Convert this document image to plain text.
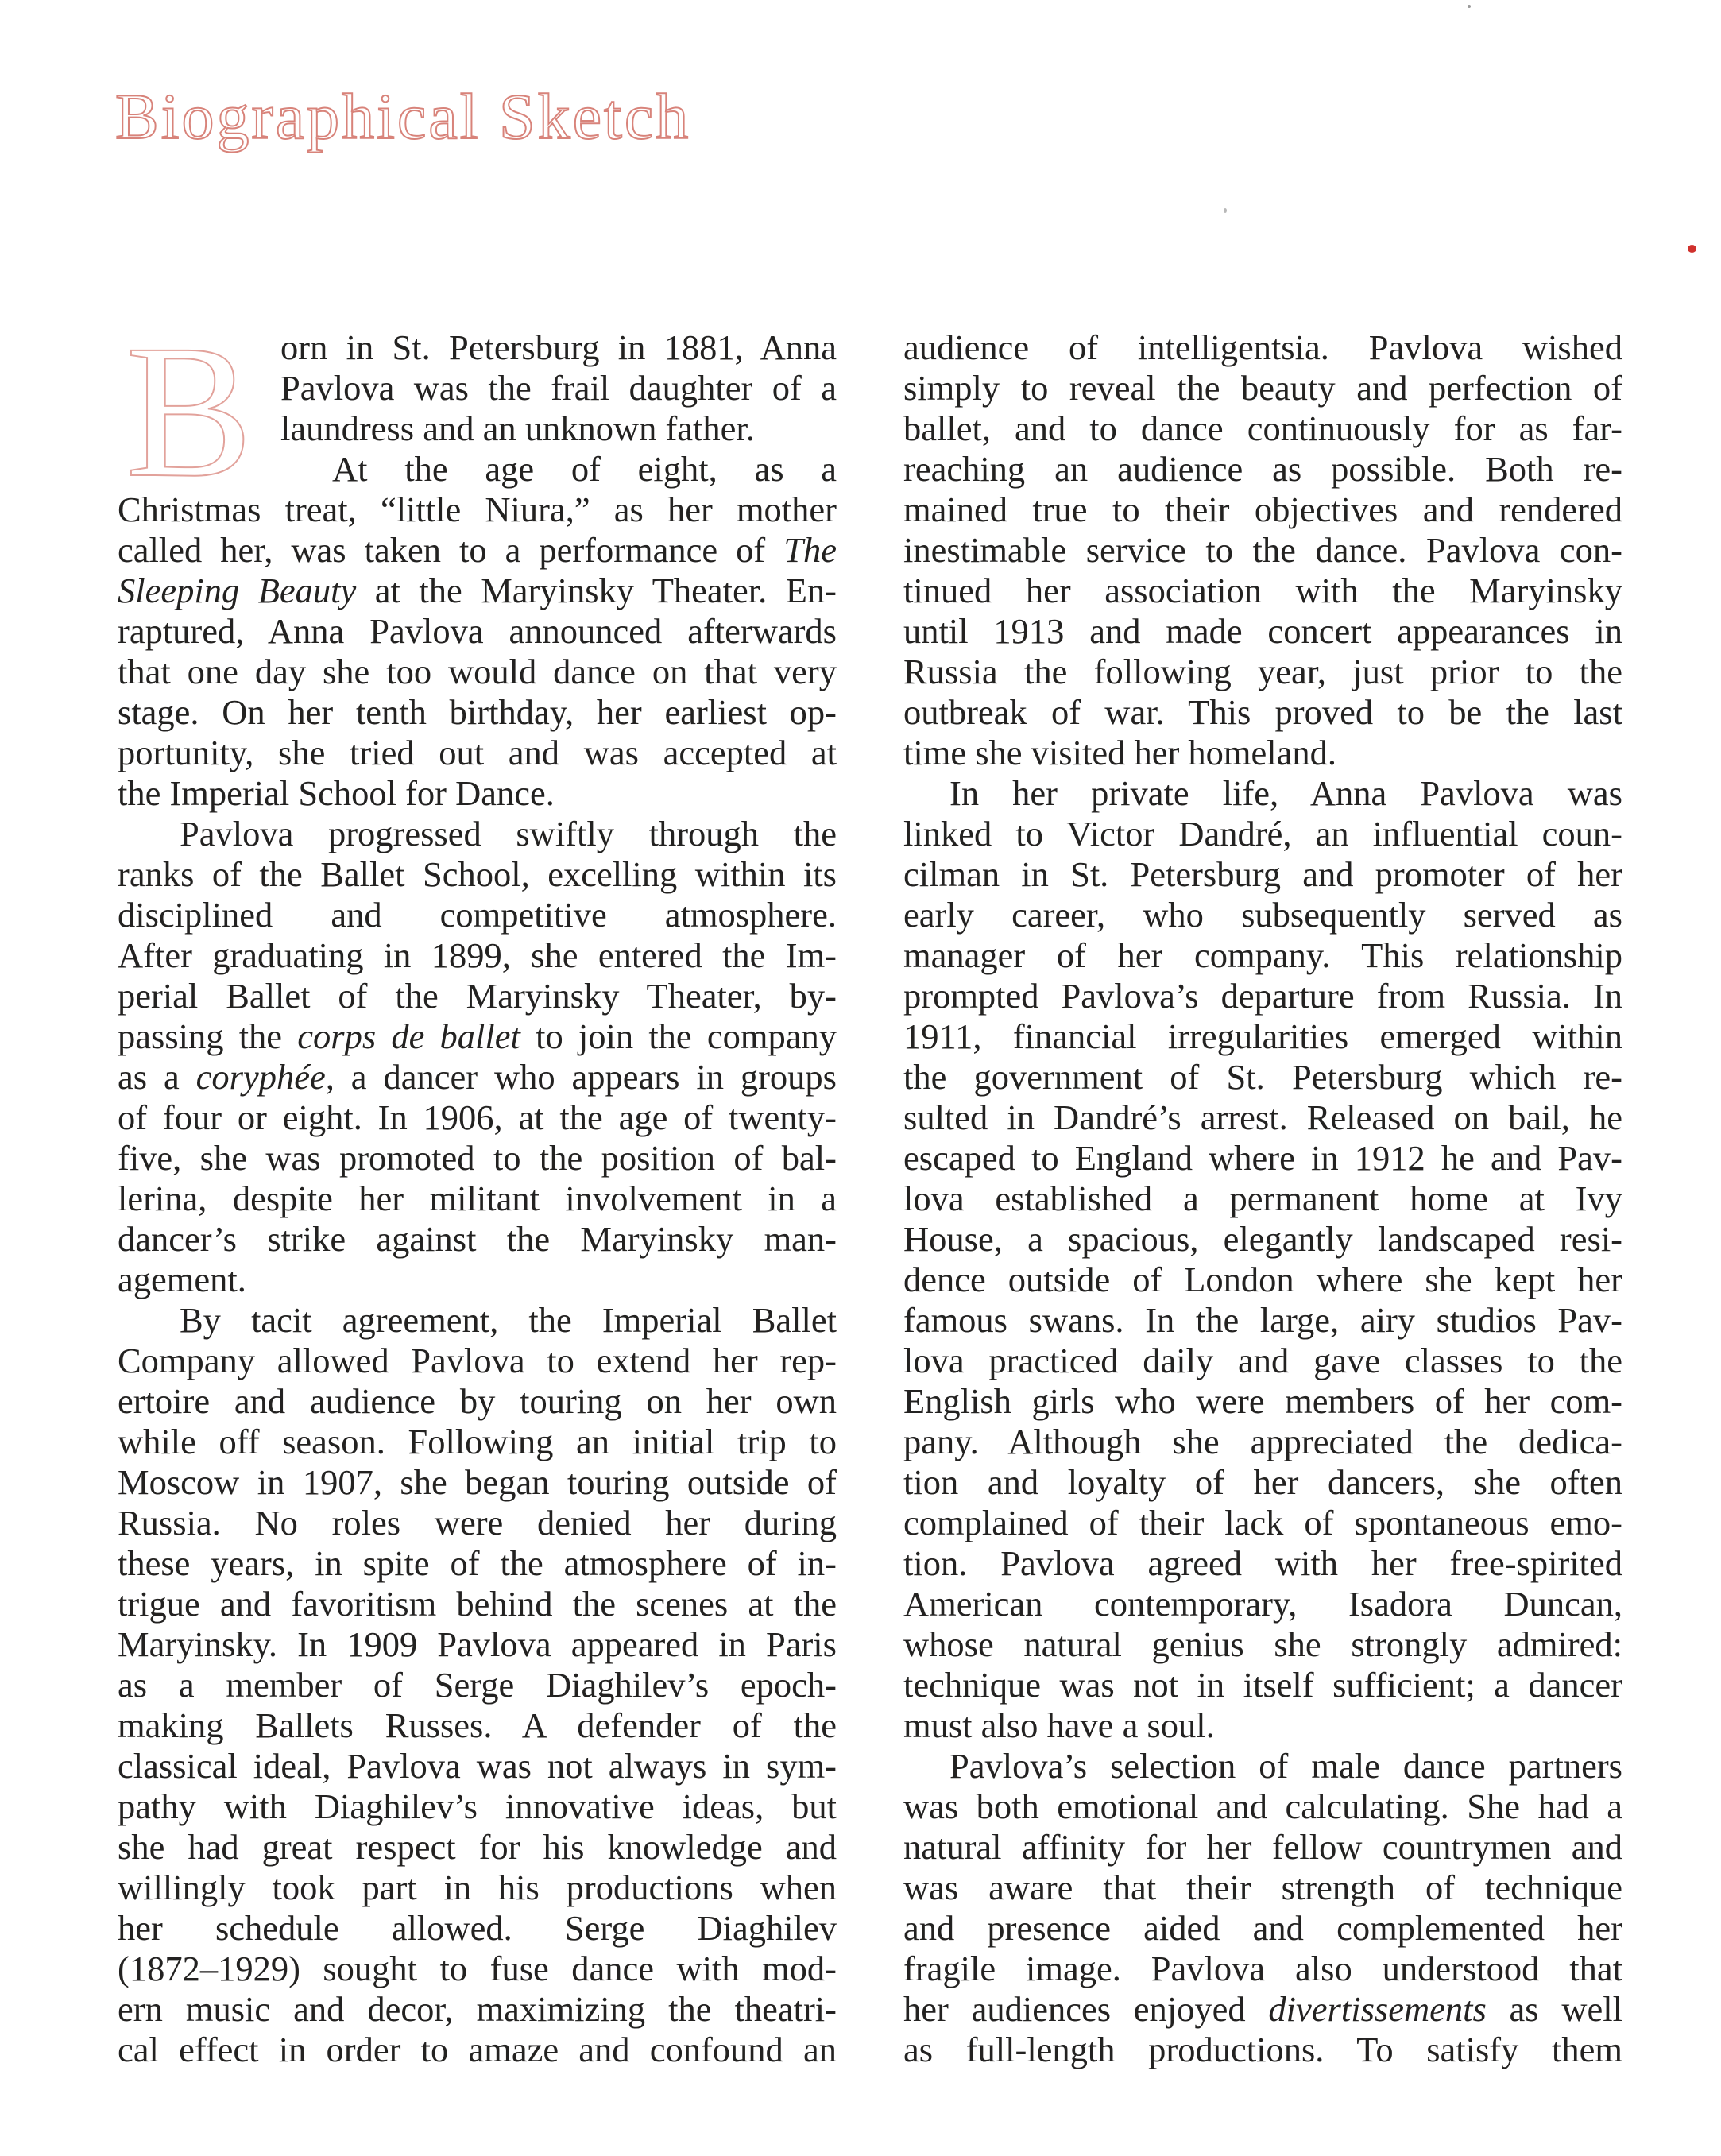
Biographical Sketch
B orn in St. Petersburg in 1881, Anna
Pavlova was the frail daughter of a
laundress and an unknown father.
At the age of eight, as a
Christmas treat, “little Niura,” as her mother
called her, was taken to a performance of The
Sleeping Beauty at the Maryinsky Theater. En-
raptured, Anna Pavlova announced afterwards
that one day she too would dance on that very
stage. On her tenth birthday, her earliest op-
portunity, she tried out and was accepted at
the Imperial School for Dance.
Pavlova progressed swiftly through the
ranks of the Ballet School, excelling within its
disciplined and competitive atmosphere.
After graduating in 1899, she entered the Im-
perial Ballet of the Maryinsky Theater, by-
passing the corps de ballet to join the company
as a coryphée, a dancer who appears in groups
of four or eight. In 1906, at the age of twenty-
five, she was promoted to the position of bal-
lerina, despite her militant involvement in a
dancer’s strike against the Maryinsky man-
agement.
By tacit agreement, the Imperial Ballet
Company allowed Pavlova to extend her rep-
ertoire and audience by touring on her own
while off season. Following an initial trip to
Moscow in 1907, she began touring outside of
Russia. No roles were denied her during
these years, in spite of the atmosphere of in-
trigue and favoritism behind the scenes at the
Maryinsky. In 1909 Pavlova appeared in Paris
as a member of Serge Diaghilev’s epoch-
making Ballets Russes. A defender of the
classical ideal, Pavlova was not always in sym-
pathy with Diaghilev’s innovative ideas, but
she had great respect for his knowledge and
willingly took part in his productions when
her schedule allowed. Serge Diaghilev
(1872–1929) sought to fuse dance with mod-
ern music and decor, maximizing the theatri-
cal effect in order to amaze and confound an
audience of intelligentsia. Pavlova wished
simply to reveal the beauty and perfection of
ballet, and to dance continuously for as far-
reaching an audience as possible. Both re-
mained true to their objectives and rendered
inestimable service to the dance. Pavlova con-
tinued her association with the Maryinsky
until 1913 and made concert appearances in
Russia the following year, just prior to the
outbreak of war. This proved to be the last
time she visited her homeland.
In her private life, Anna Pavlova was
linked to Victor Dandré, an influential coun-
cilman in St. Petersburg and promoter of her
early career, who subsequently served as
manager of her company. This relationship
prompted Pavlova’s departure from Russia. In
1911, financial irregularities emerged within
the government of St. Petersburg which re-
sulted in Dandré’s arrest. Released on bail, he
escaped to England where in 1912 he and Pav-
lova established a permanent home at Ivy
House, a spacious, elegantly landscaped resi-
dence outside of London where she kept her
famous swans. In the large, airy studios Pav-
lova practiced daily and gave classes to the
English girls who were members of her com-
pany. Although she appreciated the dedica-
tion and loyalty of her dancers, she often
complained of their lack of spontaneous emo-
tion. Pavlova agreed with her free-spirited
American contemporary, Isadora Duncan,
whose natural genius she strongly admired:
technique was not in itself sufficient; a dancer
must also have a soul.
Pavlova’s selection of male dance partners
was both emotional and calculating. She had a
natural affinity for her fellow countrymen and
was aware that their strength of technique
and presence aided and complemented her
fragile image. Pavlova also understood that
her audiences enjoyed divertissements as well
as full-length productions. To satisfy them
